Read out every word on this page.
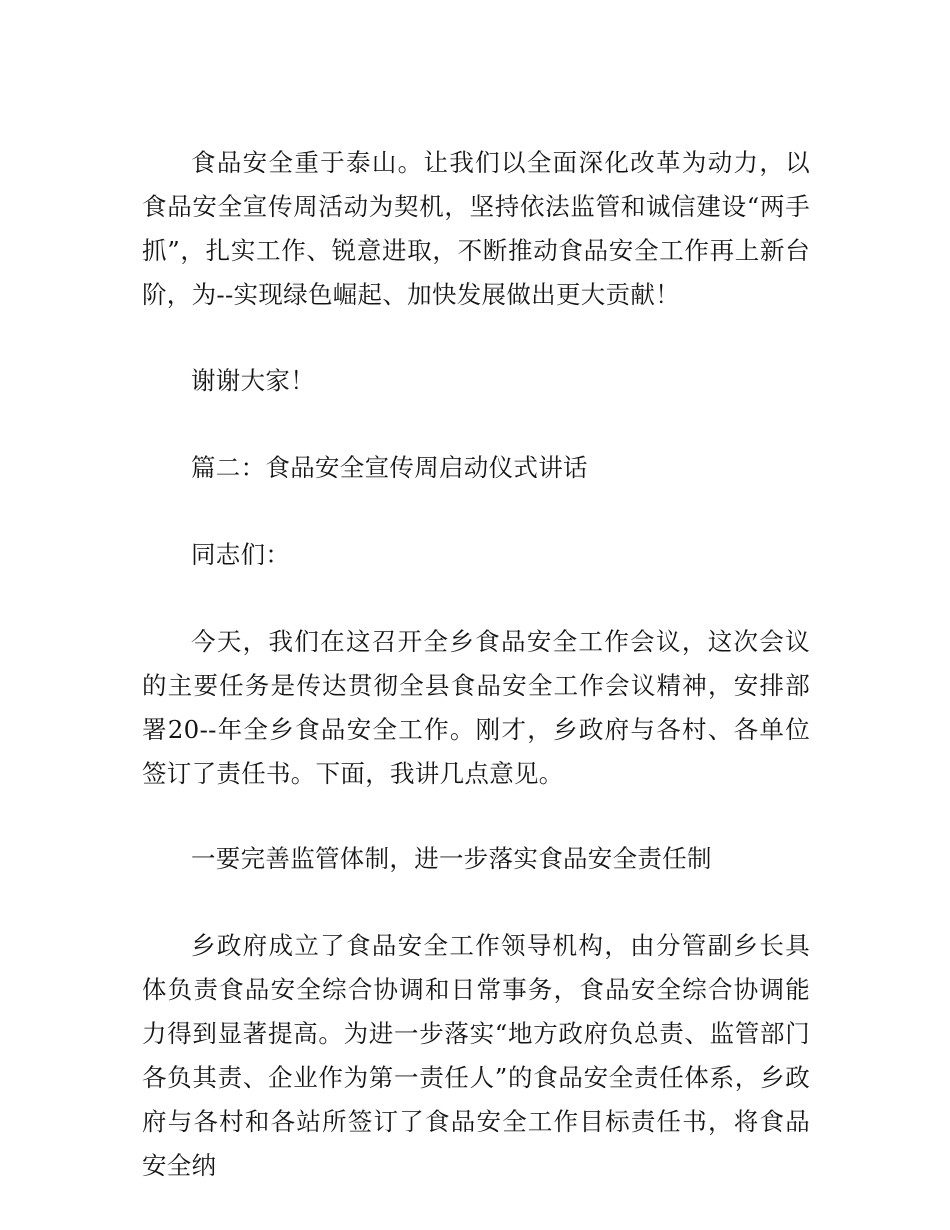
食品安全重于泰山。让我们以全面深化改革为动力，以食品安全宣传周活动为契机，坚持依法监管和诚信建设“两手抓”，扎实工作、锐意进取，不断推动食品安全工作再上新台阶，为--实现绿色崛起、加快发展做出更大贡献！

谢谢大家！

篇二：食品安全宣传周启动仪式讲话

同志们：

今天，我们在这召开全乡食品安全工作会议，这次会议的主要任务是传达贯彻全县食品安全工作会议精神，安排部署20--年全乡食品安全工作。刚才，乡政府与各村、各单位签订了责任书。下面，我讲几点意见。

一要完善监管体制，进一步落实食品安全责任制

乡政府成立了食品安全工作领导机构，由分管副乡长具体负责食品安全综合协调和日常事务，食品安全综合协调能力得到显著提高。为进一步落实“地方政府负总责、监管部门各负其责、企业作为第一责任人”的食品安全责任体系，乡政府与各村和各站所签订了食品安全工作目标责任书，将食品安全纳
